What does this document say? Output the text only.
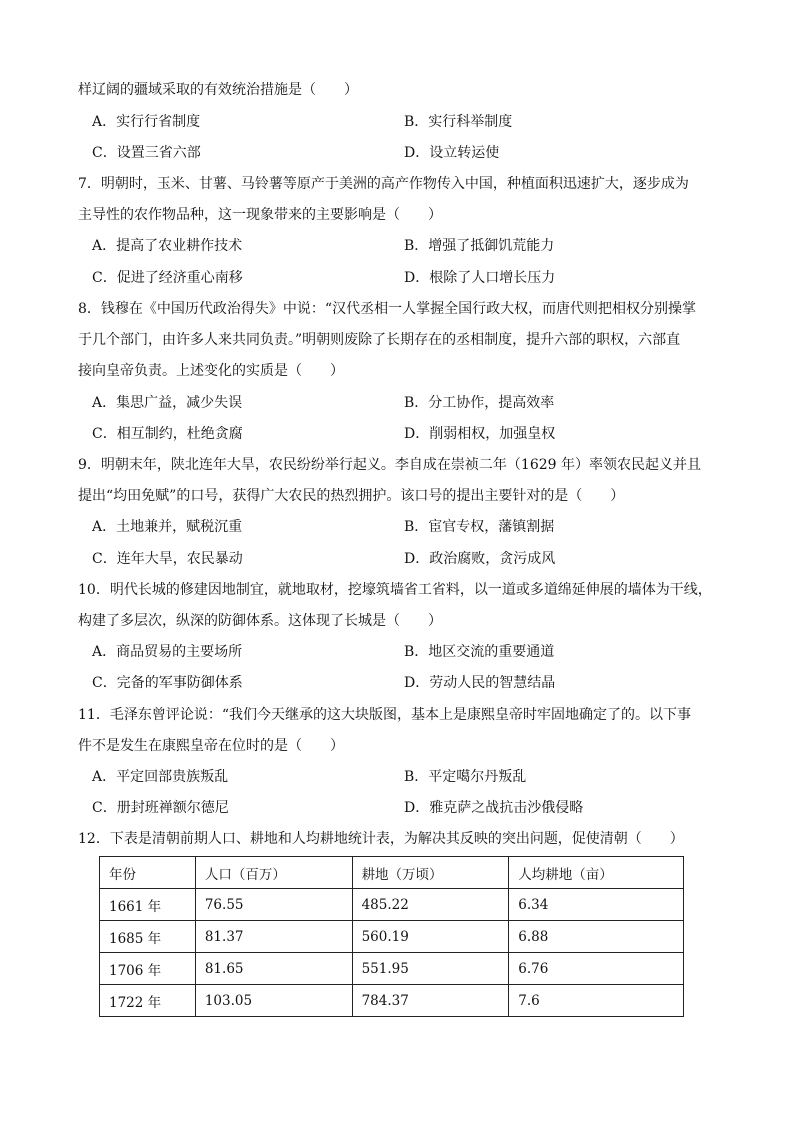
样辽阔的疆域采取的有效统治措施是（　　）
A．实行行省制度	B．实行科举制度
C．设置三省六部	D．设立转运使
7．明朝时，玉米、甘薯、马铃薯等原产于美洲的高产作物传入中国，种植面积迅速扩大，逐步成为
主导性的农作物品种，这一现象带来的主要影响是（　　）
A．提高了农业耕作技术	B．增强了抵御饥荒能力
C．促进了经济重心南移	D．根除了人口增长压力
8．钱穆在《中国历代政治得失》中说：“汉代丞相一人掌握全国行政大权，而唐代则把相权分别操掌
于几个部门，由许多人来共同负责。”明朝则废除了长期存在的丞相制度，提升六部的职权，六部直
接向皇帝负责。上述变化的实质是（　　）
A．集思广益，减少失误	B．分工协作，提高效率
C．相互制约，杜绝贪腐	D．削弱相权，加强皇权
9．明朝末年，陕北连年大旱，农民纷纷举行起义。李自成在崇祯二年（1629 年）率领农民起义并且
提出“均田免赋”的口号，获得广大农民的热烈拥护。该口号的提出主要针对的是（　　）
A．土地兼并，赋税沉重	B．宦官专权，藩镇割据
C．连年大旱，农民暴动	D．政治腐败，贪污成风
10．明代长城的修建因地制宜，就地取材，挖壕筑墙省工省料，以一道或多道绵延伸展的墙体为干线，
构建了多层次，纵深的防御体系。这体现了长城是（　　）
A．商品贸易的主要场所	B．地区交流的重要通道
C．完备的军事防御体系	D．劳动人民的智慧结晶
11．毛泽东曾评论说：“我们今天继承的这大块版图，基本上是康熙皇帝时牢固地确定了的。以下事
件不是发生在康熙皇帝在位时的是（　　）
A．平定回部贵族叛乱	B．平定噶尔丹叛乱
C．册封班禅额尔德尼	D．雅克萨之战抗击沙俄侵略
12．下表是清朝前期人口、耕地和人均耕地统计表，为解决其反映的突出问题，促使清朝（　　）
年份	人口（百万）	耕地（万顷）	人均耕地（亩）
1661 年	76.55	485.22	6.34
1685 年	81.37	560.19	6.88
1706 年	81.65	551.95	6.76
1722 年	103.05	784.37	7.6
